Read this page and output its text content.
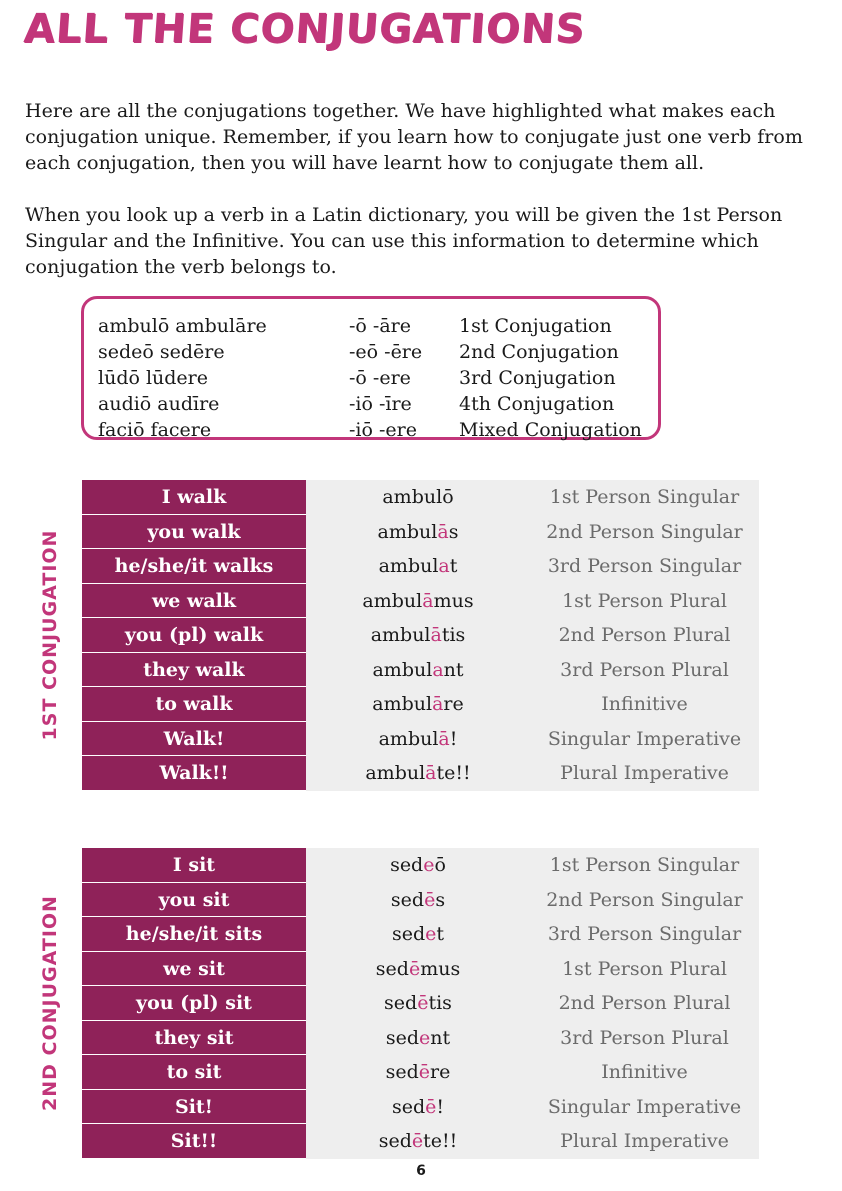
ALL THE CONJUGATIONS

Here are all the conjugations together. We have highlighted what makes each conjugation unique. Remember, if you learn how to conjugate just one verb from each conjugation, then you will have learnt how to conjugate them all.

When you look up a verb in a Latin dictionary, you will be given the 1st Person Singular and the Infinitive. You can use this information to determine which conjugation the verb belongs to.

ambulō ambulāre	-ō -āre	1st Conjugation
sedeō sedēre	-eō -ēre 2nd Conjugation
lūdō lūdere	-ō -ere	3rd Conjugation
audiō audīre	-iō -īre 4th Conjugation
faciō facere	-iō -ere Mixed Conjugation
1ST CONJUGATION
I walk	ambulō	1st Person Singular
you walk	ambulās	2nd Person Singular
he/she/it walks	ambulat	3rd Person Singular
we walk	ambulāmus	1st Person Plural
you (pl) walk	ambulātis	2nd Person Plural
they walk	ambulant	3rd Person Plural
to walk	ambulāre	Infinitive
Walk!	ambulā!	Singular Imperative
Walk!!	ambulāte!!	Plural Imperative
2ND CONJUGATION
I sit	sedeō	1st Person Singular
you sit	sedēs	2nd Person Singular
he/she/it sits	sedet	3rd Person Singular
we sit	sedēmus	1st Person Plural
you (pl) sit	sedētis	2nd Person Plural
they sit	sedent	3rd Person Plural
to sit	sedēre	Infinitive
Sit!	sedē!	Singular Imperative
Sit!!	sedēte!!	Plural Imperative
6
